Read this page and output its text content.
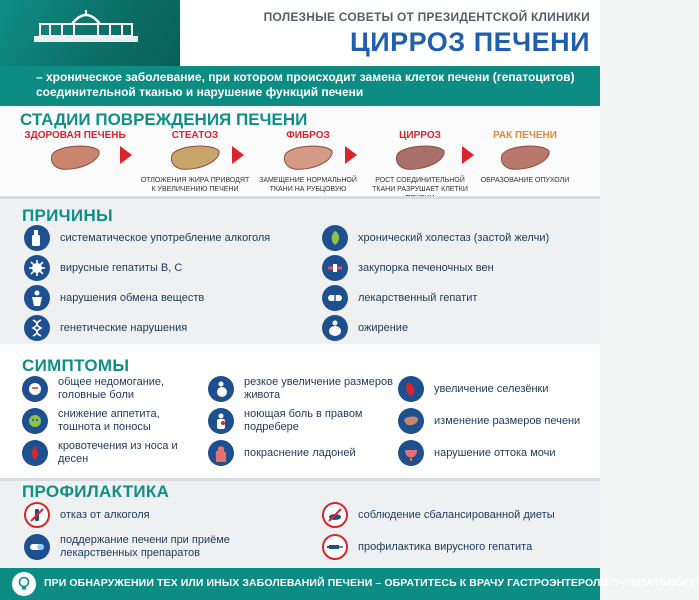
ПОЛЕЗНЫЕ СОВЕТЫ ОТ ПРЕЗИДЕНТСКОЙ КЛИНИКИ
ЦИРРОЗ ПЕЧЕНИ
– хроническое заболевание, при котором происходит замена клеток печени (гепатоцитов) соединительной тканью и нарушение функций печени
СТАДИИ ПОВРЕЖДЕНИЯ ПЕЧЕНИ
ЗДОРОВАЯ ПЕЧЕНЬ	СТЕАТОЗ
ОТЛОЖЕНИЯ ЖИРА ПРИВОДЯТ К УВЕЛИЧЕНИЮ ПЕЧЕНИ
ФИБРОЗ
ЗАМЕЩЕНИЕ НОРМАЛЬНОЙ ТКАНИ НА РУБЦОВУЮ
ЦИРРОЗ
РОСТ СОЕДИНИТЕЛЬНОЙ ТКАНИ РАЗРУШАЕТ КЛЕТКИ
РАК ПЕЧЕНИ
ОБРАЗОВАНИЕ ОПУХОЛИ
ПРИЧИНЫ
систематическое употребление алкоголя
вирусные гепатиты В, С
нарушения обмена веществ
генетические нарушения
хронический холестаз (застой желчи)
закупорка печеночных вен
лекарственный гепатит
ожирение
СИМПТОМЫ
общее недомогание, головные боли
снижение аппетита, тошнота и поносы
кровотечения из носа и десен
резкое увеличение размеров живота
ноющая боль в правом подребере
покраснение ладоней
увеличение селезёнки
изменение размеров печени
нарушение оттока мочи
ПРОФИЛАКТИКА
отказ от алкоголя
поддержание печени при приёме лекарственных препаратов
соблюдение сбалансированной диеты
профилактика вирусного гепатита
ПРИ ОБНАРУЖЕНИИ ТЕХ ИЛИ ИНЫХ ЗАБОЛЕВАНИЙ ПЕЧЕНИ – ОБРАТИТЕСЬ К ВРАЧУ ГАСТРОЭНТЕРОЛОГУ-ГЕПАТОЛОГУ!
